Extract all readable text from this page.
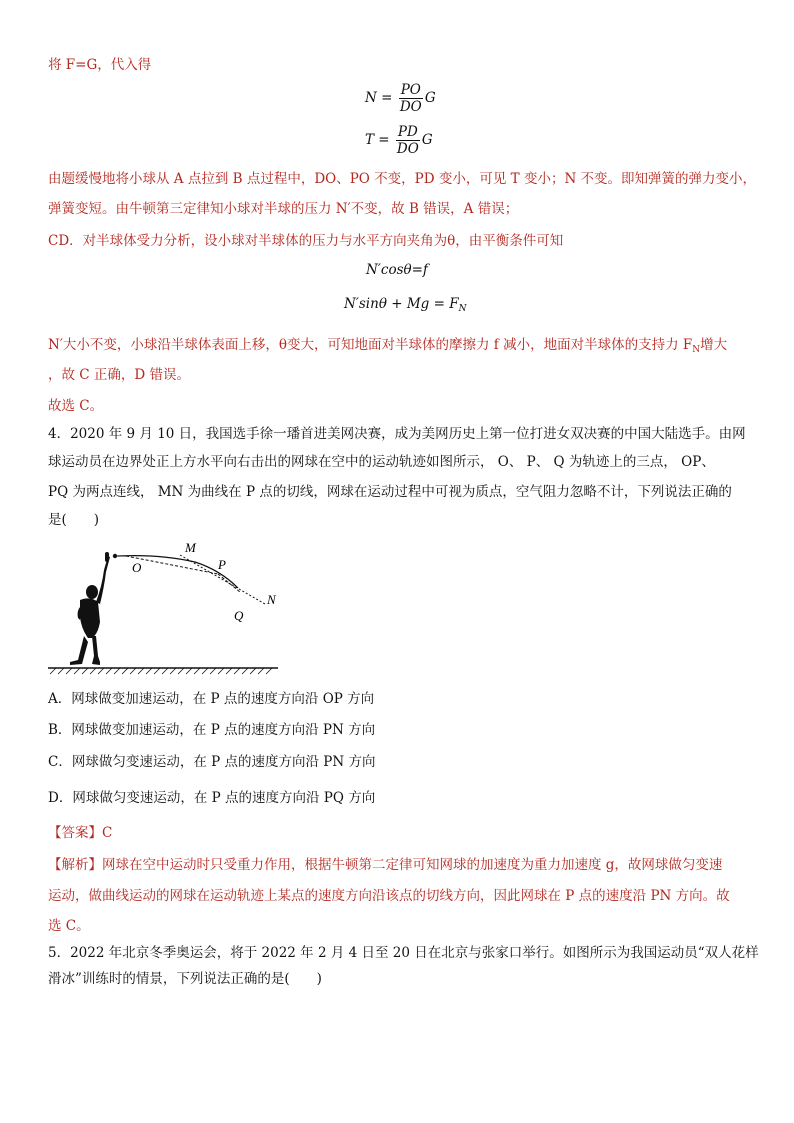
将 F=G，代入得
$N = \frac{PO}{DO}$ G
$T = \frac{PD}{DO}$ G
由题缓慢地将小球从 A 点拉到 B 点过程中，DO、PO 不变，PD 变小，可见 T 变小；N 不变。即知弹簧的弹力变小，
弹簧变短。由牛顿第三定律知小球对半球的压力 N′不变，故 B 错误，A 错误；
CD．对半球体受力分析，设小球对半球体的压力与水平方向夹角为θ，由平衡条件可知
N′cosθ=f
$N'\sin\theta + Mg = F_N$
N′大小不变，小球沿半球体表面上移，θ变大，可知地面对半球体的摩擦力 f 减小，地面对半球体的支持力 $F_N$增大
，故 C 正确，D 错误。
故选 C。
4．2020 年 9 月 10 日，我国选手徐一璠首进美网决赛，成为美网历史上第一位打进女双决赛的中国大陆选手。由网
球运动员在边界处正上方水平向右击出的网球在空中的运动轨迹如图所示， O、 P、 Q 为轨迹上的三点， OP、
PQ 为两点连线， MN 为曲线在 P 点的切线，网球在运动过程中可视为质点，空气阻力忽略不计，下列说法正确的
是(　　)
M
O	P
Q
N
A．网球做变加速运动，在 P 点的速度方向沿 OP 方向
B．网球做变加速运动，在 P 点的速度方向沿 PN 方向
C．网球做匀变速运动，在 P 点的速度方向沿 PN 方向
D．网球做匀变速运动，在 P 点的速度方向沿 PQ 方向
【答案】C
【解析】网球在空中运动时只受重力作用，根据牛顿第二定律可知网球的加速度为重力加速度 g，故网球做匀变速
运动，做曲线运动的网球在运动轨迹上某点的速度方向沿该点的切线方向，因此网球在 P 点的速度沿 PN 方向。故
选 C。
5．2022 年北京冬季奥运会，将于 2022 年 2 月 4 日至 20 日在北京与张家口举行。如图所示为我国运动员“双人花样
滑冰”训练时的情景，下列说法正确的是(　　)
